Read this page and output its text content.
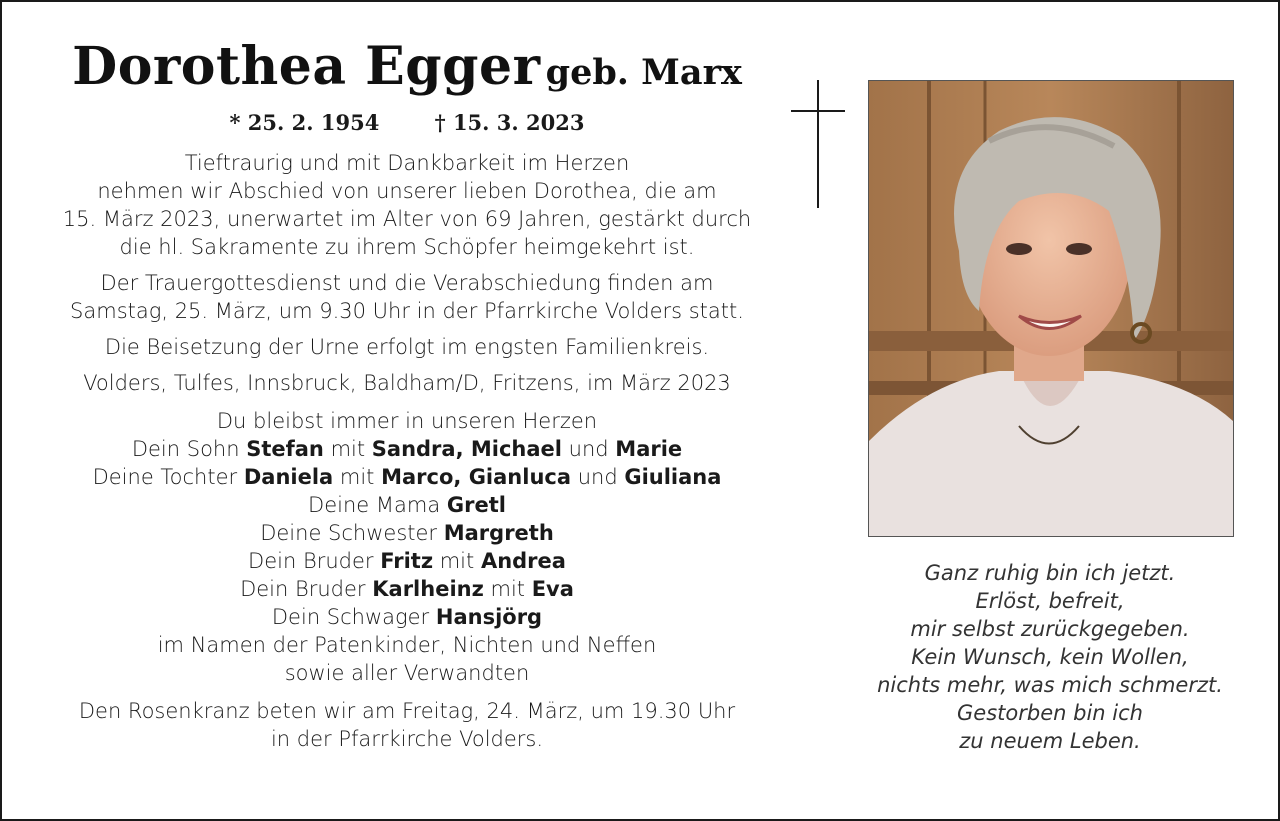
Dorothea Egger geb. Marx
* 25. 2. 1954	† 15. 3. 2023

Tieftraurig und mit Dankbarkeit im Herzen
nehmen wir Abschied von unserer lieben Dorothea, die am
15. März 2023, unerwartet im Alter von 69 Jahren, gestärkt durch
die hl. Sakramente zu ihrem Schöpfer heimgekehrt ist.

Der Trauergottesdienst und die Verabschiedung finden am
Samstag, 25. März, um 9.30 Uhr in der Pfarrkirche Volders statt.

Die Beisetzung der Urne erfolgt im engsten Familienkreis.

Volders, Tulfes, Innsbruck, Baldham/D, Fritzens, im März 2023

Du bleibst immer in unseren Herzen

Dein Sohn Stefan mit Sandra, Michael und Marie

Deine Tochter Daniela mit Marco, Gianluca und Giuliana

Deine Mama Gretl

Deine Schwester Margreth

Dein Bruder Fritz mit Andrea

Dein Bruder Karlheinz mit Eva

Dein Schwager Hansjörg

im Namen der Patenkinder, Nichten und Neffen

sowie aller Verwandten

Den Rosenkranz beten wir am Freitag, 24. März, um 19.30 Uhr
in der Pfarrkirche Volders.

Ganz ruhig bin ich jetzt.
Erlöst, befreit,
mir selbst zurückgegeben.
Kein Wunsch, kein Wollen,
nichts mehr, was mich schmerzt.
Gestorben bin ich
zu neuem Leben.
